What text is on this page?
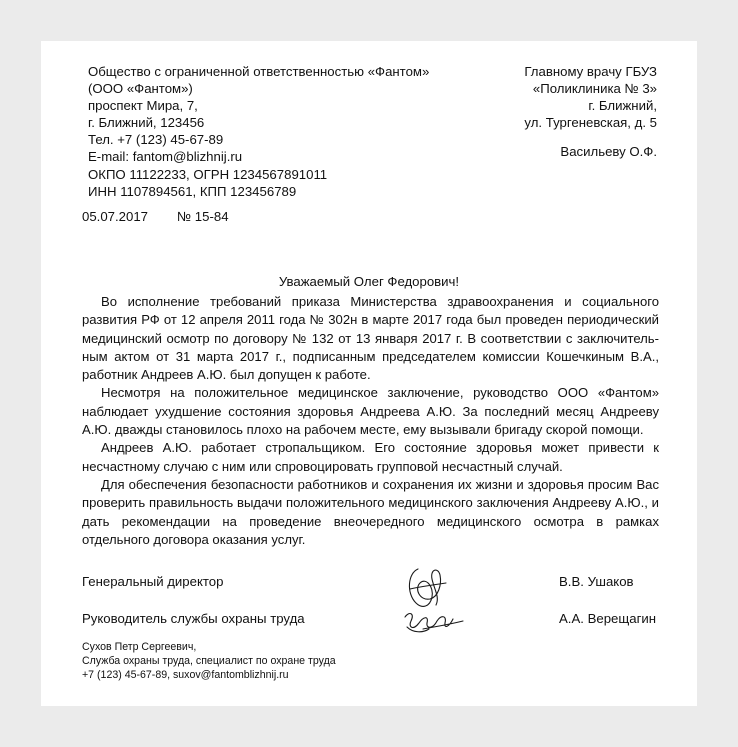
Общество с ограниченной ответственностью «Фантом»
(ООО «Фантом»)
проспект Мира, 7,
г. Ближний, 123456
Тел. +7 (123) 45-67-89
E-mail: fantom@blizhnij.ru
ОКПО 11122233, ОГРН 1234567891011
ИНН 1107894561, КПП 123456789
Главному врачу ГБУЗ
«Поликлиника № 3»
г. Ближний,
ул. Тургеневская, д. 5
Васильеву О.Ф.
05.07.2017 № 15-84
Уважаемый Олег Федорович!

Во исполнение требований приказа Министерства здравоохранения и социального развития РФ от 12 апреля 2011 года № 302н в марте 2017 года был проведен периодический медицинский осмотр по договору № 132 от 13 января 2017 г. В соответствии с заключительным актом от 31 марта 2017 г., подписанным председателем комиссии Кошечкиным В.А., работник Андреев А.Ю. был допущен к работе.

Несмотря на положительное медицинское заключение, руководство ООО «Фантом» наблюдает ухудшение состояния здоровья Андреева А.Ю. За последний месяц Андрееву А.Ю. дважды становилось плохо на рабочем месте, ему вызывали бригаду скорой помощи.

Андреев А.Ю. работает стропальщиком. Его состояние здоровья может привести к несчастному случаю с ним или спровоцировать групповой несчастный случай.

Для обеспечения безопасности работников и сохранения их жизни и здоровья просим Вас проверить правильность выдачи положительного медицинского заключения Андрееву А.Ю., и дать рекомендации на проведение внеочередного медицинского осмотра в рамках отдельного договора оказания услуг.

Генеральный директор	В.В. Ушаков
Руководитель службы охраны труда	А.А. Верещагин
Сухов Петр Сергеевич,
Служба охраны труда, специалист по охране труда
+7 (123) 45-67-89, suxov@fantomblizhnij.ru
